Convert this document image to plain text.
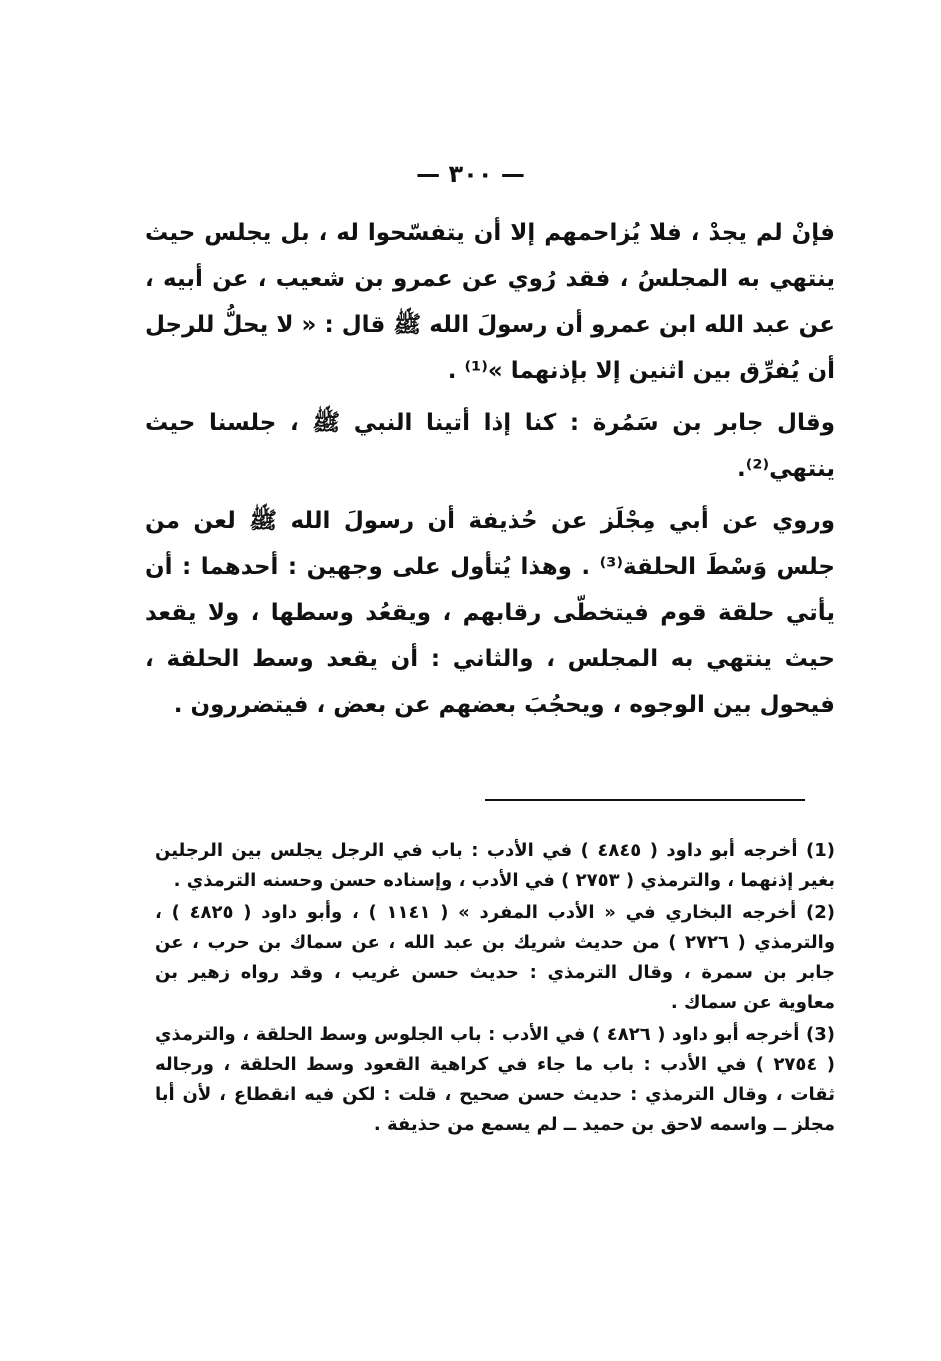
— ٣٠٠ —

فإنْ لم يجدْ ، فلا يُزاحمهم إلا أن يتفسّحوا له ، بل يجلس حيث ينتهي به المجلسُ ، فقد رُوي عن عمرو بن شعيب ، عن أبيه ، عن عبد الله ابن عمرو أن رسولَ الله ﷺ قال : « لا يحلُّ للرجل أن يُفرِّق بين اثنين إلا بإذنهما »⁽¹⁾ .

وقال جابر بن سَمُرة : كنا إذا أتينا النبي ﷺ ، جلسنا حيث ينتهي⁽²⁾.

وروي عن أبي مِجْلَز عن حُذيفة أن رسولَ الله ﷺ لعن من جلس وَسْطَ الحلقة⁽³⁾ . وهذا يُتأول على وجهين : أحدهما : أن يأتي حلقة قوم فيتخطّى رقابهم ، ويقعُد وسطها ، ولا يقعد حيث ينتهي به المجلس ، والثاني : أن يقعد وسط الحلقة ، فيحول بين الوجوه ، ويحجُبَ بعضهم عن بعض ، فيتضررون .

(1) أخرجه أبو داود ( ٤٨٤٥ ) في الأدب : باب في الرجل يجلس بين الرجلين بغير إذنهما ، والترمذي ( ٢٧٥٣ ) في الأدب ، وإسناده حسن وحسنه الترمذي .

(2) أخرجه البخاري في « الأدب المفرد » ( ١١٤١ ) ، وأبو داود ( ٤٨٢٥ ) ، والترمذي ( ٢٧٢٦ ) من حديث شريك بن عبد الله ، عن سماك بن حرب ، عن جابر بن سمرة ، وقال الترمذي : حديث حسن غريب ، وقد رواه زهير بن معاوية عن سماك .

(3) أخرجه أبو داود ( ٤٨٢٦ ) في الأدب : باب الجلوس وسط الحلقة ، والترمذي ( ٢٧٥٤ ) في الأدب : باب ما جاء في كراهية القعود وسط الحلقة ، ورجاله ثقات ، وقال الترمذي : حديث حسن صحيح ، قلت : لكن فيه انقطاع ، لأن أبا مجلز ــ واسمه لاحق بن حميد ــ لم يسمع من حذيفة .
